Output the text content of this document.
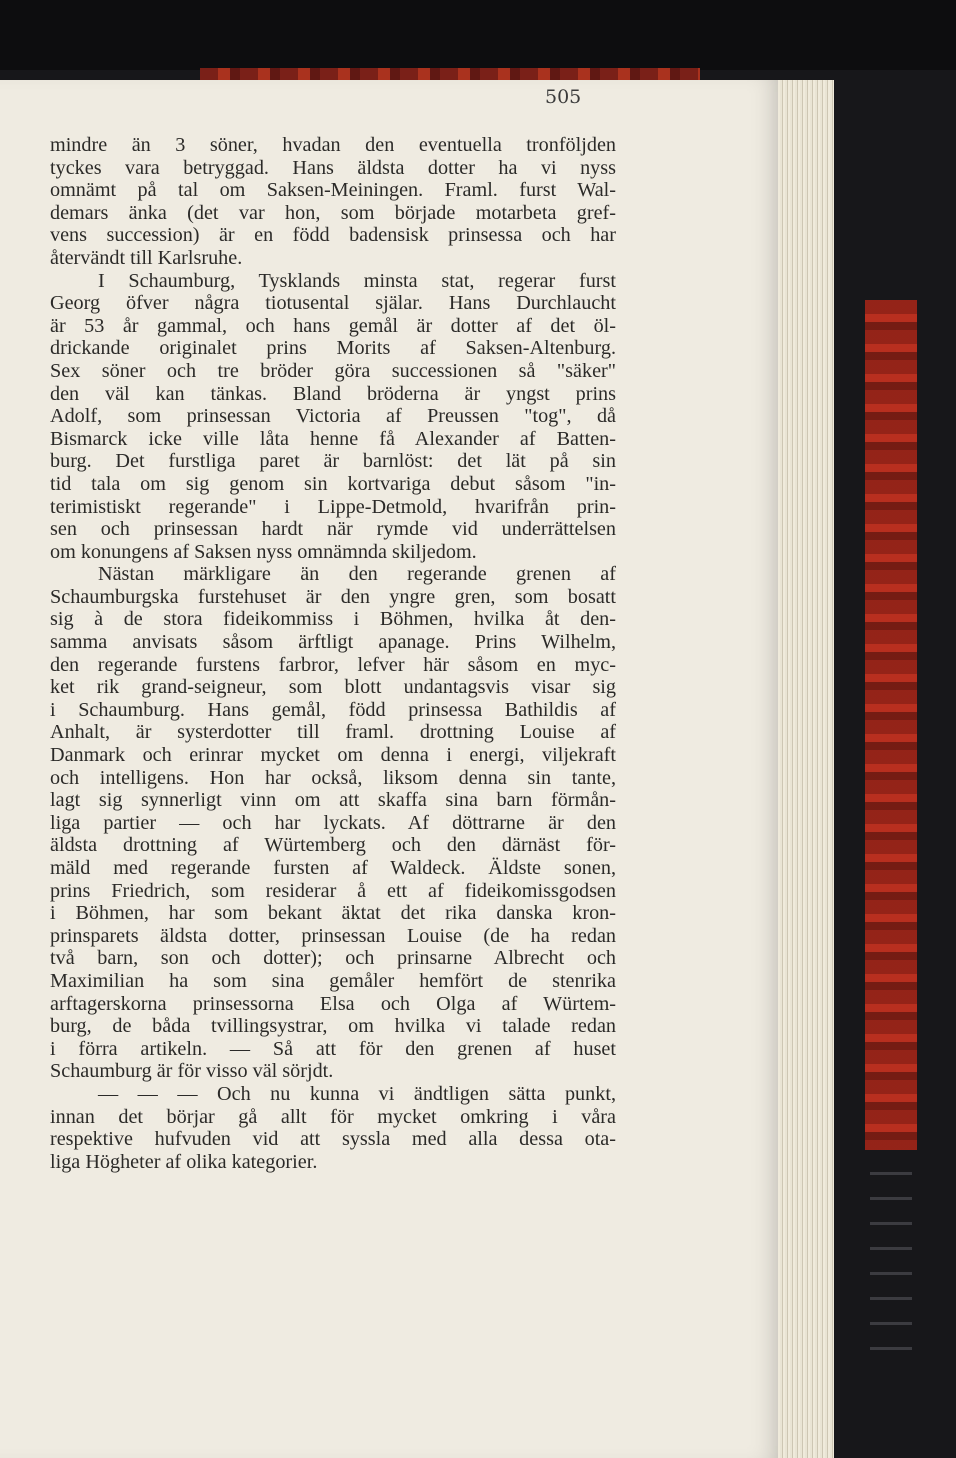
505
mindre än 3 söner, hvadan den eventuella tronföljden
tyckes vara betryggad. Hans äldsta dotter ha vi nyss
omnämt på tal om Saksen-Meiningen. Framl. furst Wal-
demars änka (det var hon, som började motarbeta gref-
vens succession) är en född badensisk prinsessa och har
återvändt till Karlsruhe.
I Schaumburg, Tysklands minsta stat, regerar furst
Georg öfver några tiotusental själar. Hans Durchlaucht
är 53 år gammal, och hans gemål är dotter af det öl-
drickande originalet prins Morits af Saksen-Altenburg.
Sex söner och tre bröder göra successionen så "säker"
den väl kan tänkas. Bland bröderna är yngst prins
Adolf, som prinsessan Victoria af Preussen "tog", då
Bismarck icke ville låta henne få Alexander af Batten-
burg. Det furstliga paret är barnlöst: det lät på sin
tid tala om sig genom sin kortvariga debut såsom "in-
terimistiskt regerande" i Lippe-Detmold, hvarifrån prin-
sen och prinsessan hardt när rymde vid underrättelsen
om konungens af Saksen nyss omnämnda skiljedom.
Nästan märkligare än den regerande grenen af
Schaumburgska furstehuset är den yngre gren, som bosatt
sig à de stora fideikommiss i Böhmen, hvilka åt den-
samma anvisats såsom ärftligt apanage. Prins Wilhelm,
den regerande furstens farbror, lefver här såsom en myc-
ket rik grand-seigneur, som blott undantagsvis visar sig
i Schaumburg. Hans gemål, född prinsessa Bathildis af
Anhalt, är systerdotter till framl. drottning Louise af
Danmark och erinrar mycket om denna i energi, viljekraft
och intelligens. Hon har också, liksom denna sin tante,
lagt sig synnerligt vinn om att skaffa sina barn förmån-
liga partier — och har lyckats. Af döttrarne är den
äldsta drottning af Würtemberg och den därnäst för-
mäld med regerande fursten af Waldeck. Äldste sonen,
prins Friedrich, som residerar å ett af fideikomissgodsen
i Böhmen, har som bekant äktat det rika danska kron-
prinsparets äldsta dotter, prinsessan Louise (de ha redan
två barn, son och dotter); och prinsarne Albrecht och
Maximilian ha som sina gemåler hemfört de stenrika
arftagerskorna prinsessorna Elsa och Olga af Würtem-
burg, de båda tvillingsystrar, om hvilka vi talade redan
i förra artikeln. — Så att för den grenen af huset
Schaumburg är för visso väl sörjdt.
— — — Och nu kunna vi ändtligen sätta punkt,
innan det börjar gå allt för mycket omkring i våra
respektive hufvuden vid att syssla med alla dessa ota-
liga Högheter af olika kategorier.
